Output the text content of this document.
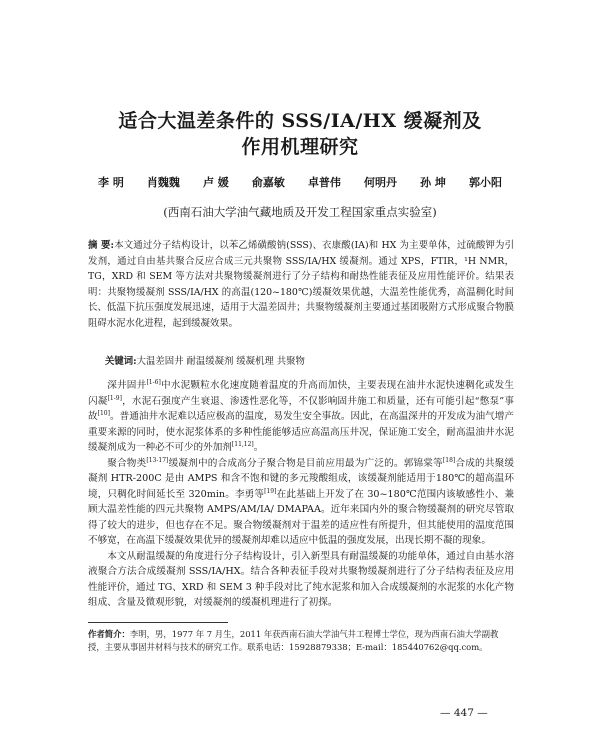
适合大温差条件的 SSS/IA/HX 缓凝剂及
作用机理研究
李 明 肖魏魏 卢 媛 俞嘉敏 卓普伟 何明丹 孙 坤 郭小阳
(西南石油大学油气藏地质及开发工程国家重点实验室)
摘 要:本文通过分子结构设计，以苯乙烯磺酸钠(SSS)、衣康酸(IA)和 HX 为主要单体，过硫酸钾为引发剂，通过自由基共聚合反应合成三元共聚物 SSS/IA/HX 缓凝剂。通过 XPS，FTIR，¹H NMR，TG，XRD 和 SEM 等方法对共聚物缓凝剂进行了分子结构和耐热性能表征及应用性能评价。结果表明：共聚物缓凝剂 SSS/IA/HX 的高温(120~180℃)缓凝效果优越，大温差性能优秀，高温稠化时间长、低温下抗压强度发展迅速，适用于大温差固井；共聚物缓凝剂主要通过基团吸附方式形成聚合物膜阻碍水泥水化进程，起到缓凝效果。
关键词:大温差固井 耐温缓凝剂 缓凝机理 共聚物

深井固井[1-6]中水泥颗粒水化速度随着温度的升高而加快，主要表现在油井水泥快速稠化或发生闪凝[1-9]，水泥石强度产生衰退、渗透性恶化等，不仅影响固井施工和质量，还有可能引起“憋泵”事故[10]。普通油井水泥难以适应极高的温度，易发生安全事故。因此，在高温深井的开发成为油气增产重要来源的同时，使水泥浆体系的多种性能能够适应高温高压井况，保证施工安全，耐高温油井水泥缓凝剂成为一种必不可少的外加剂[11,12]。

聚合物类[13-17]缓凝剂中的合成高分子聚合物是目前应用最为广泛的。郭锦棠等[18]合成的共聚缓凝剂 HTR-200C 是由 AMPS 和含不饱和键的多元羧酸组成，该缓凝剂能适用于180℃的超高温环境，只稠化时间延长至 320min。李勇等[19]在此基础上开发了在 30~180℃范围内该敏感性小、兼顾大温差性能的四元共聚物 AMPS/AM/IA/ DMAPAA。近年来国内外的聚合物缓凝剂的研究尽管取得了较大的进步，但也存在不足。聚合物缓凝剂对于温差的适应性有所提升，但其能使用的温度范围不够宽，在高温下缓凝效果优异的缓凝剂却难以适应中低温的强度发展，出现长期不凝的现象。

本文从耐温缓凝的角度进行分子结构设计，引入新型具有耐温缓凝的功能单体，通过自由基水溶液聚合方法合成缓凝剂 SSS/IA/HX。结合各种表征手段对共聚物缓凝剂进行了分子结构表征及应用性能评价，通过 TG、XRD 和 SEM 3 种手段对比了纯水泥浆和加入合成缓凝剂的水泥浆的水化产物组成、含量及微观形貌，对缓凝剂的缓凝机理进行了初探。

作者简介：李明，男，1977 年 7 月生，2011 年获西南石油大学油气井工程博士学位，现为西南石油大学副教授，主要从事固井材料与技术的研究工作。联系电话：15928879338；E-mail：185440762@qq.com。
— 447 —
